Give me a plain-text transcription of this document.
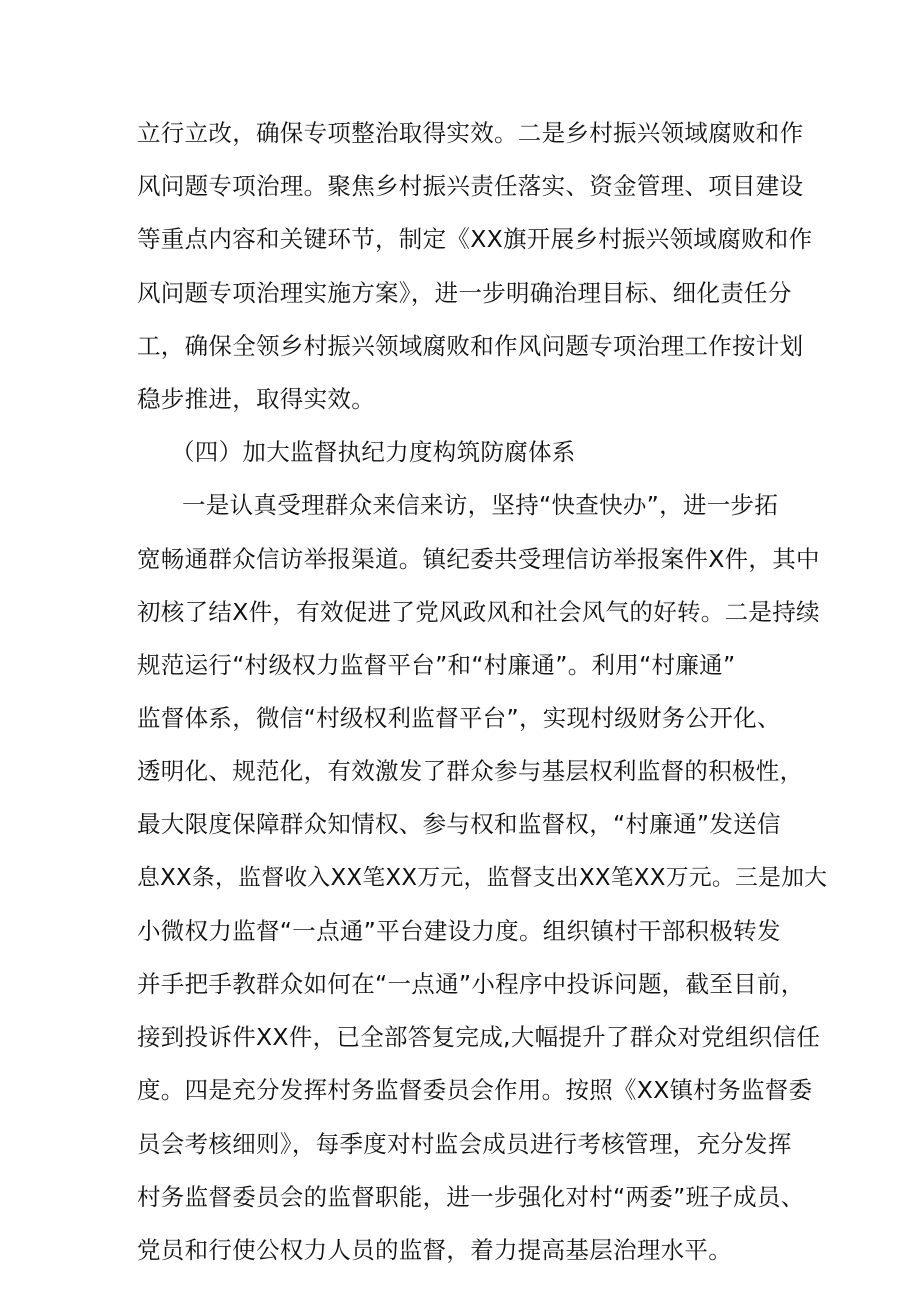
立行立改，确保专项整治取得实效。二是乡村振兴领域腐败和作
风问题专项治理。聚焦乡村振兴责任落实、资金管理、项目建设
等重点内容和关键环节，制定《XX旗开展乡村振兴领域腐败和作
风问题专项治理实施方案》，进一步明确治理目标、细化责任分
工，确保全领乡村振兴领域腐败和作风问题专项治理工作按计划
稳步推进，取得实效。
（四）加大监督执纪力度构筑防腐体系
一是认真受理群众来信来访，坚持“快查快办”，进一步拓
宽畅通群众信访举报渠道。镇纪委共受理信访举报案件X件，其中
初核了结X件，有效促进了党风政风和社会风气的好转。二是持续
规范运行“村级权力监督平台”和“村廉通”。利用“村廉通”
监督体系，微信“村级权利监督平台”，实现村级财务公开化、
透明化、规范化，有效激发了群众参与基层权利监督的积极性，
最大限度保障群众知情权、参与权和监督权，“村廉通”发送信
息XX条，监督收入XX笔XX万元，监督支出XX笔XX万元。三是加大
小微权力监督“一点通”平台建设力度。组织镇村干部积极转发
并手把手教群众如何在“一点通”小程序中投诉问题，截至目前，
接到投诉件XX件，已全部答复完成,大幅提升了群众对党组织信任
度。四是充分发挥村务监督委员会作用。按照《XX镇村务监督委
员会考核细则》，每季度对村监会成员进行考核管理，充分发挥
村务监督委员会的监督职能，进一步强化对村“两委”班子成员、
党员和行使公权力人员的监督，着力提高基层治理水平。
